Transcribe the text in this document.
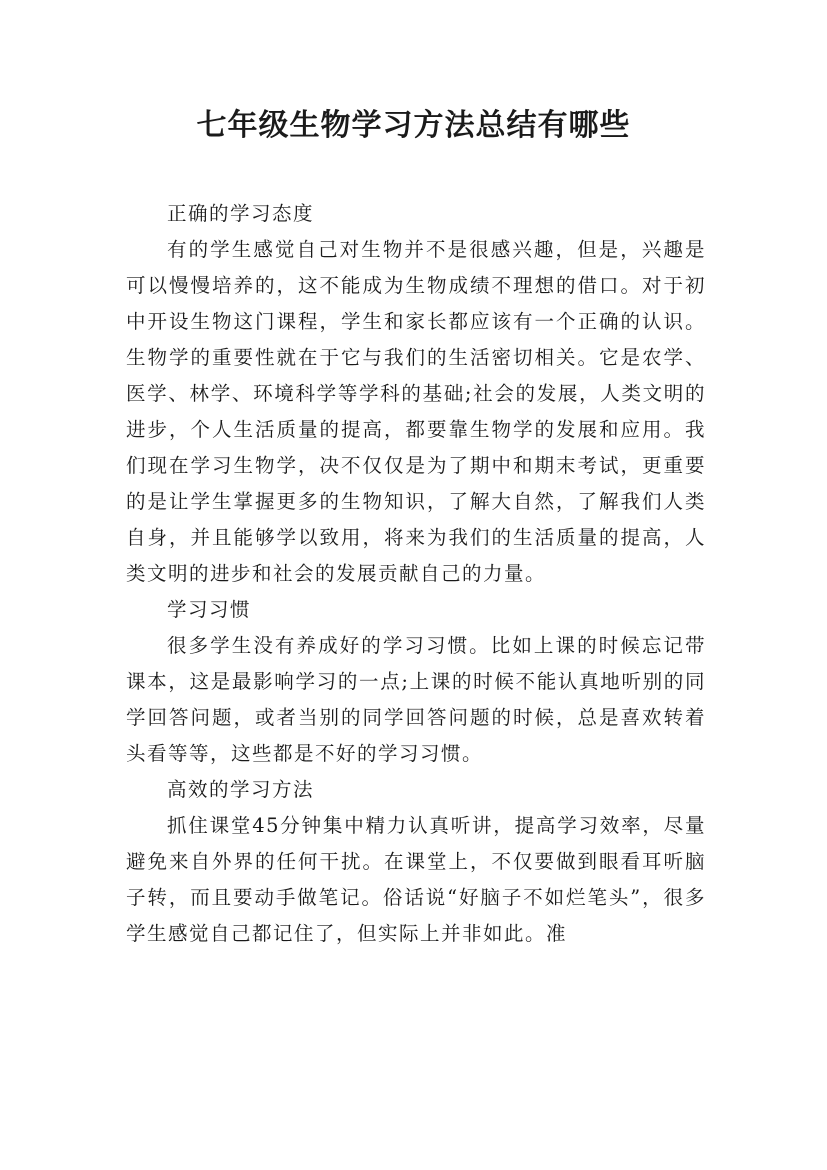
七年级生物学习方法总结有哪些

正确的学习态度

有的学生感觉自己对生物并不是很感兴趣，但是，兴趣是可以慢慢培养的，这不能成为生物成绩不理想的借口。对于初中开设生物这门课程，学生和家长都应该有一个正确的认识。生物学的重要性就在于它与我们的生活密切相关。它是农学、医学、林学、环境科学等学科的基础;社会的发展，人类文明的进步，个人生活质量的提高，都要靠生物学的发展和应用。我们现在学习生物学，决不仅仅是为了期中和期末考试，更重要的是让学生掌握更多的生物知识，了解大自然，了解我们人类自身，并且能够学以致用，将来为我们的生活质量的提高，人类文明的进步和社会的发展贡献自己的力量。

学习习惯

很多学生没有养成好的学习习惯。比如上课的时候忘记带课本，这是最影响学习的一点;上课的时候不能认真地听别的同学回答问题，或者当别的同学回答问题的时候，总是喜欢转着头看等等，这些都是不好的学习习惯。

高效的学习方法

抓住课堂45分钟集中精力认真听讲，提高学习效率，尽量避免来自外界的任何干扰。在课堂上，不仅要做到眼看耳听脑子转，而且要动手做笔记。俗话说“好脑子不如烂笔头”，很多学生感觉自己都记住了，但实际上并非如此。准
